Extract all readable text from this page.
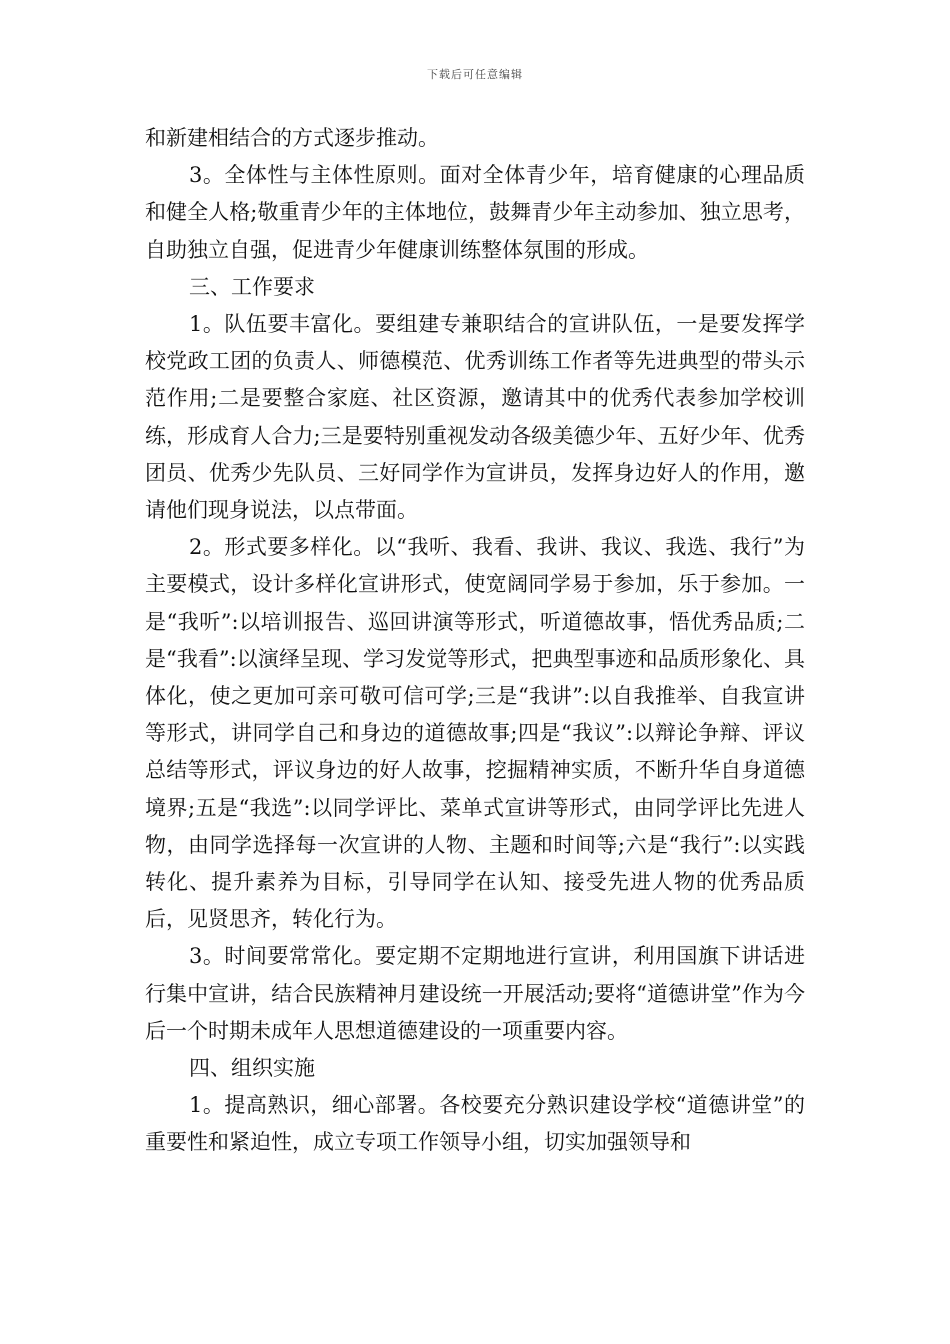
下载后可任意编辑

和新建相结合的方式逐步推动。

3。全体性与主体性原则。面对全体青少年，培育健康的心理品质和健全人格;敬重青少年的主体地位，鼓舞青少年主动参加、独立思考，自助独立自强，促进青少年健康训练整体氛围的形成。

三、工作要求

1。队伍要丰富化。要组建专兼职结合的宣讲队伍，一是要发挥学校党政工团的负责人、师德模范、优秀训练工作者等先进典型的带头示范作用;二是要整合家庭、社区资源，邀请其中的优秀代表参加学校训练，形成育人合力;三是要特别重视发动各级美德少年、五好少年、优秀团员、优秀少先队员、三好同学作为宣讲员，发挥身边好人的作用，邀请他们现身说法，以点带面。

2。形式要多样化。以“我听、我看、我讲、我议、我选、我行”为主要模式，设计多样化宣讲形式，使宽阔同学易于参加，乐于参加。一是“我听”:以培训报告、巡回讲演等形式，听道德故事，悟优秀品质;二是“我看”:以演绎呈现、学习发觉等形式，把典型事迹和品质形象化、具体化，使之更加可亲可敬可信可学;三是“我讲”:以自我推举、自我宣讲等形式，讲同学自己和身边的道德故事;四是“我议”:以辩论争辩、评议总结等形式，评议身边的好人故事，挖掘精神实质，不断升华自身道德境界;五是“我选”:以同学评比、菜单式宣讲等形式，由同学评比先进人物，由同学选择每一次宣讲的人物、主题和时间等;六是“我行”:以实践转化、提升素养为目标，引导同学在认知、接受先进人物的优秀品质后，见贤思齐，转化行为。

3。时间要常常化。要定期不定期地进行宣讲，利用国旗下讲话进行集中宣讲，结合民族精神月建设统一开展活动;要将“道德讲堂”作为今后一个时期未成年人思想道德建设的一项重要内容。

四、组织实施

1。提高熟识，细心部署。各校要充分熟识建设学校“道德讲堂”的重要性和紧迫性，成立专项工作领导小组，切实加强领导和
